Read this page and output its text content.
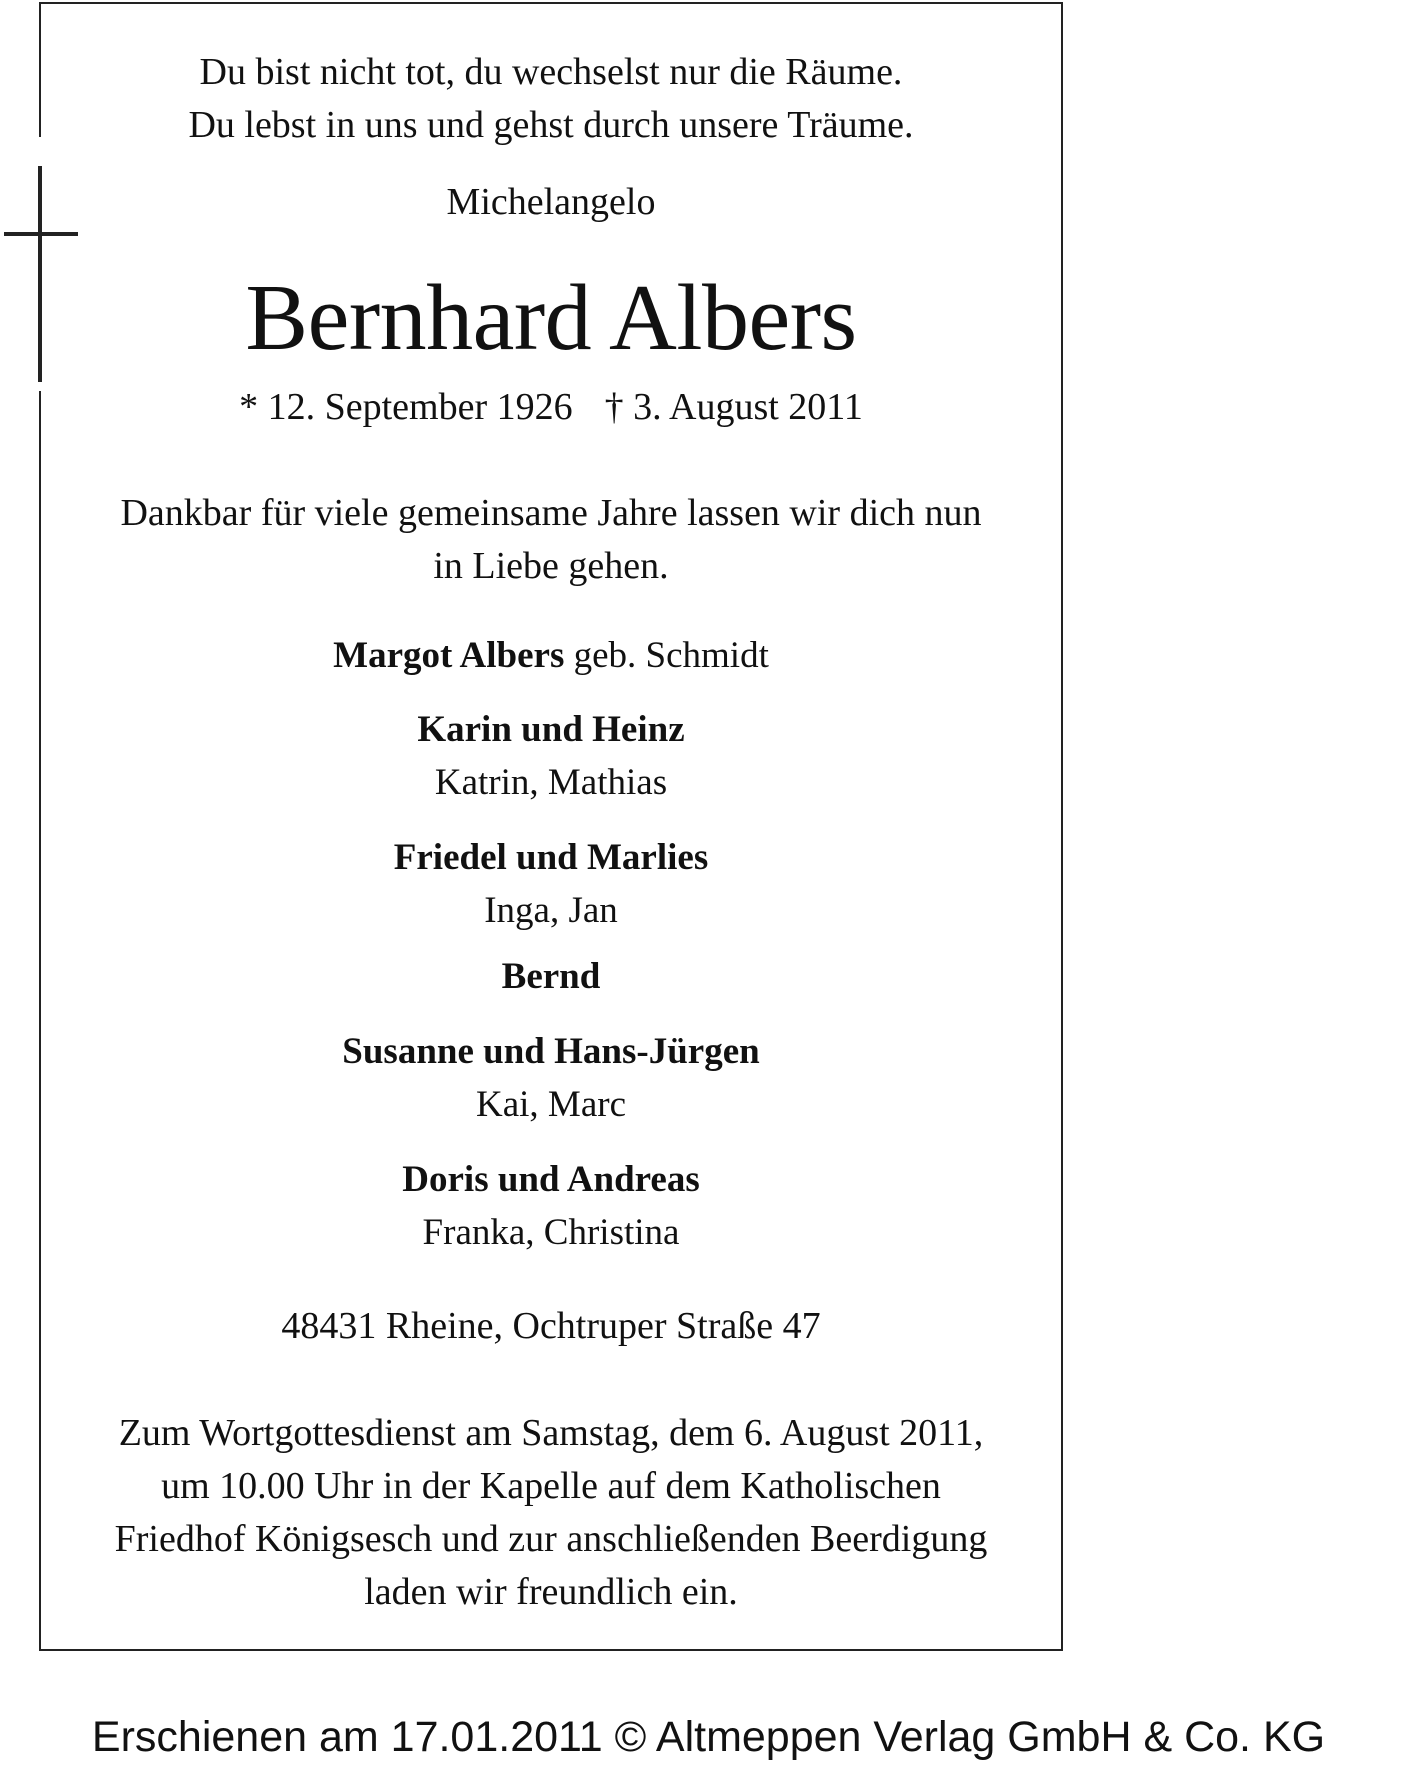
Du bist nicht tot, du wechselst nur die Räume.
Du lebst in uns und gehst durch unsere Träume.
Michelangelo
Bernhard Albers
* 12. September 1926 † 3. August 2011
Dankbar für viele gemeinsame Jahre lassen wir dich nun
in Liebe gehen.
Margot Albers geb. Schmidt
Karin und Heinz
Katrin, Mathias
Friedel und Marlies
Inga, Jan
Bernd
Susanne und Hans-Jürgen
Kai, Marc
Doris und Andreas
Franka, Christina
48431 Rheine, Ochtruper Straße 47
Zum Wortgottesdienst am Samstag, dem 6. August 2011,
um 10.00 Uhr in der Kapelle auf dem Katholischen
Friedhof Königsesch und zur anschließenden Beerdigung
laden wir freundlich ein.
Erschienen am 17.01.2011 © Altmeppen Verlag GmbH & Co. KG
